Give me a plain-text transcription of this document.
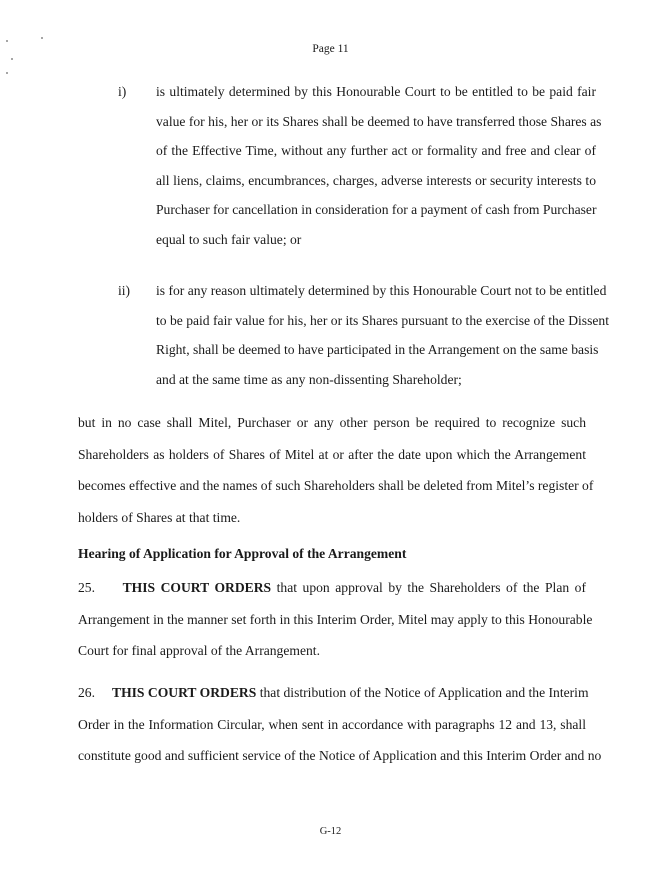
Page 11
i) is ultimately determined by this Honourable Court to be entitled to be paid fair
value for his, her or its Shares shall be deemed to have transferred those Shares as
of the Effective Time, without any further act or formality and free and clear of
all liens, claims, encumbrances, charges, adverse interests or security interests to
Purchaser for cancellation in consideration for a payment of cash from Purchaser
equal to such fair value; or
ii) is for any reason ultimately determined by this Honourable Court not to be entitled
to be paid fair value for his, her or its Shares pursuant to the exercise of the Dissent
Right, shall be deemed to have participated in the Arrangement on the same basis
and at the same time as any non-dissenting Shareholder;
but in no case shall Mitel, Purchaser or any other person be required to recognize such
Shareholders as holders of Shares of Mitel at or after the date upon which the Arrangement
becomes effective and the names of such Shareholders shall be deleted from Mitel’s register of
holders of Shares at that time.
Hearing of Application for Approval of the Arrangement
25. THIS COURT ORDERS that upon approval by the Shareholders of the Plan of
Arrangement in the manner set forth in this Interim Order, Mitel may apply to this Honourable
Court for final approval of the Arrangement.
26. THIS COURT ORDERS that distribution of the Notice of Application and the Interim
Order in the Information Circular, when sent in accordance with paragraphs 12 and 13, shall
constitute good and sufficient service of the Notice of Application and this Interim Order and no
G-12
